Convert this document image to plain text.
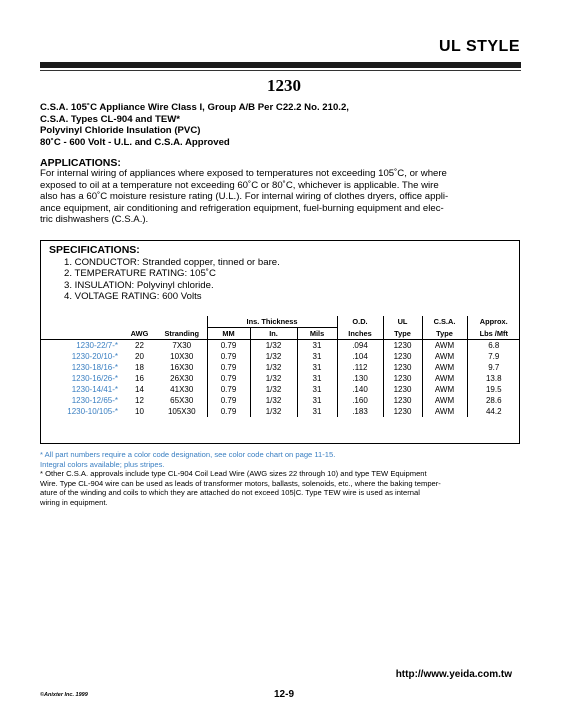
UL STYLE
1230
C.S.A. 105˚C Appliance Wire Class I, Group A/B Per C22.2 No. 210.2,
C.S.A. Types CL-904 and TEW*
Polyvinyl Chloride Insulation (PVC)
80˚C - 600 Volt - U.L. and C.S.A. Approved
APPLICATIONS:
For internal wiring of appliances where exposed to temperatures not exceeding 105˚C, or where
exposed to oil at a temperature not exceeding 60˚C or 80˚C, whichever is applicable. The wire
also has a 60˚C moisture resisture rating (U.L.). For internal wiring of clothes dryers, office appli-
ance equipment, air conditioning and refrigeration equipment, fuel-burning equipment and elec-
tric dishwashers (C.S.A.).
SPECIFICATIONS:
1. CONDUCTOR: Stranded copper, tinned or bare.
2. TEMPERATURE RATING: 105˚C
3. INSULATION: Polyvinyl chloride.
4. VOLTAGE RATING: 600 Volts
			Ins. Thickness			O.D.	UL	C.S.A.	Approx.
	AWG	Stranding	MM	In.	Mils	Inches	Type	Type	Lbs /Mft
1230-22/7-*	22	7X30	0.79	1/32	31	.094	1230	AWM	6.8
1230-20/10-*	20	10X30	0.79	1/32	31	.104	1230	AWM	7.9
1230-18/16-*	18	16X30	0.79	1/32	31	.112	1230	AWM	9.7
1230-16/26-*	16	26X30	0.79	1/32	31	.130	1230	AWM	13.8
1230-14/41-*	14	41X30	0.79	1/32	31	.140	1230	AWM	19.5
1230-12/65-*	12	65X30	0.79	1/32	31	.160	1230	AWM	28.6
1230-10/105-*	10	105X30	0.79	1/32	31	.183	1230	AWM	44.2
* All part numbers require a color code designation, see color code chart on page 11-15.
Integral colors available; plus stripes.
* Other C.S.A. approvals include type CL-904 Coil Lead Wire (AWG sizes 22 through 10) and type TEW Equipment
Wire. Type CL-904 wire can be used as leads of transformer motors, ballasts, solenoids, etc., where the baking temper-
ature of the winding and coils to which they are attached do not exceed 105|C. Type TEW wire is used as internal
wiring in equipment.
http://www.yeida.com.tw
©Anixter Inc. 1999	12-9
